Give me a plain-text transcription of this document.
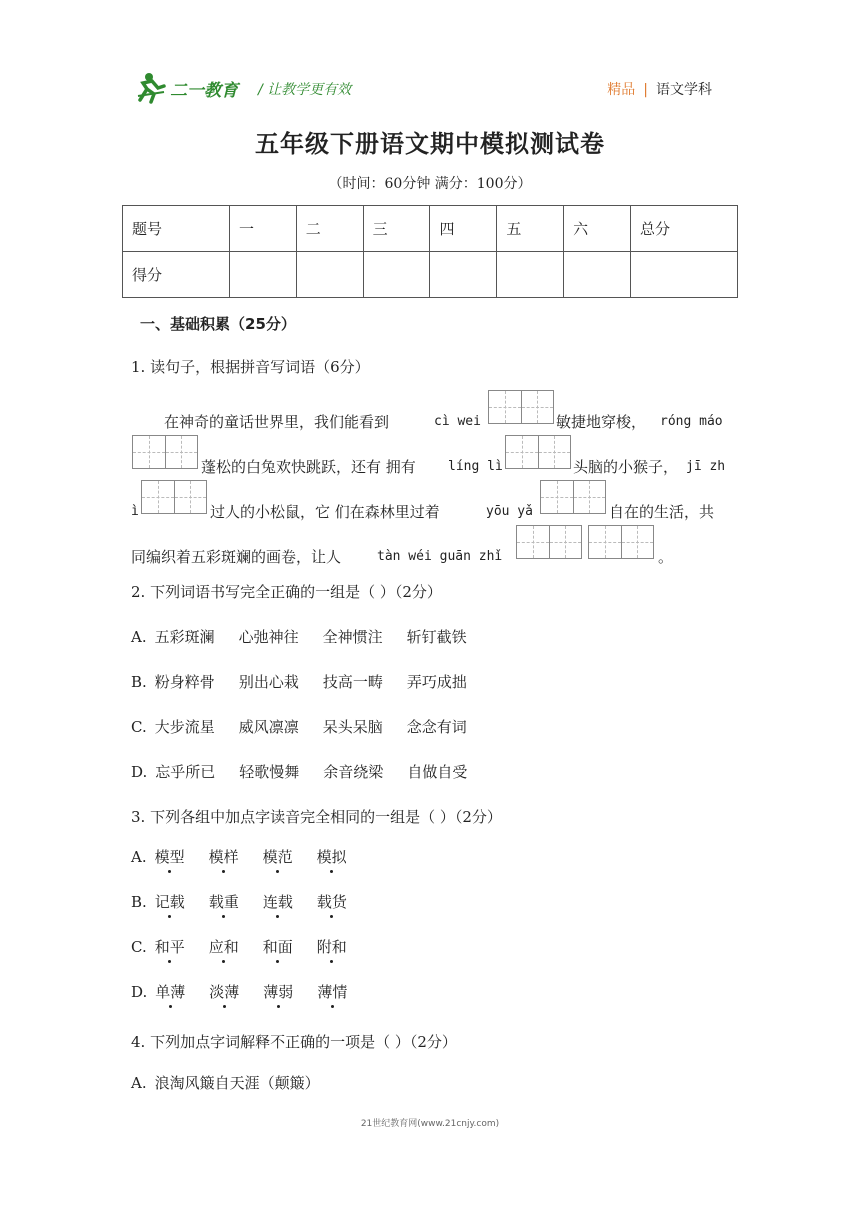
二一教育 / 让教学更有效	精品 | 语文学科
五年级下册语文期中模拟测试卷
（时间：60分钟 满分：100分）
题号	一	二	三	四	五	六	总分
得分							
一、基础积累（25分）
1. 读句子，根据拼音写词语（6分）
在神奇的童话世界里，我们能看到	cì wei	敏捷地穿梭， róng máo
蓬松的白兔欢快跳跃，还有 拥有 líng lì	头脑的小猴子， jī zh
ì	过人的小松鼠，它 们在森林里过着	yōu yǎ	自在的生活，共
同编织着五彩斑斓的画卷，让人	tàn wéi guān zhǐ	。
2. 下列词语书写完全正确的一组是（ ）（2分）
A. 五彩斑澜 心弛神往 全神惯注 斩钉截铁
B. 粉身粹骨 别出心栽 技高一畴 弄巧成拙
C. 大步流星 威风凛凛 呆头呆脑 念念有词
D. 忘乎所已 轻歌慢舞 余音绕梁 自做自受
3. 下列各组中加点字读音完全相同的一组是（ ）（2分）
A. 模型 模样 模范 模拟
B. 记载 载重 连载 载货
C. 和平 应和 和面 附和
D. 单薄 淡薄 薄弱 薄情
4. 下列加点字词解释不正确的一项是（ ）（2分）
A. 浪淘风簸自天涯（颠簸）
21世纪教育网(www.21cnjy.com)
